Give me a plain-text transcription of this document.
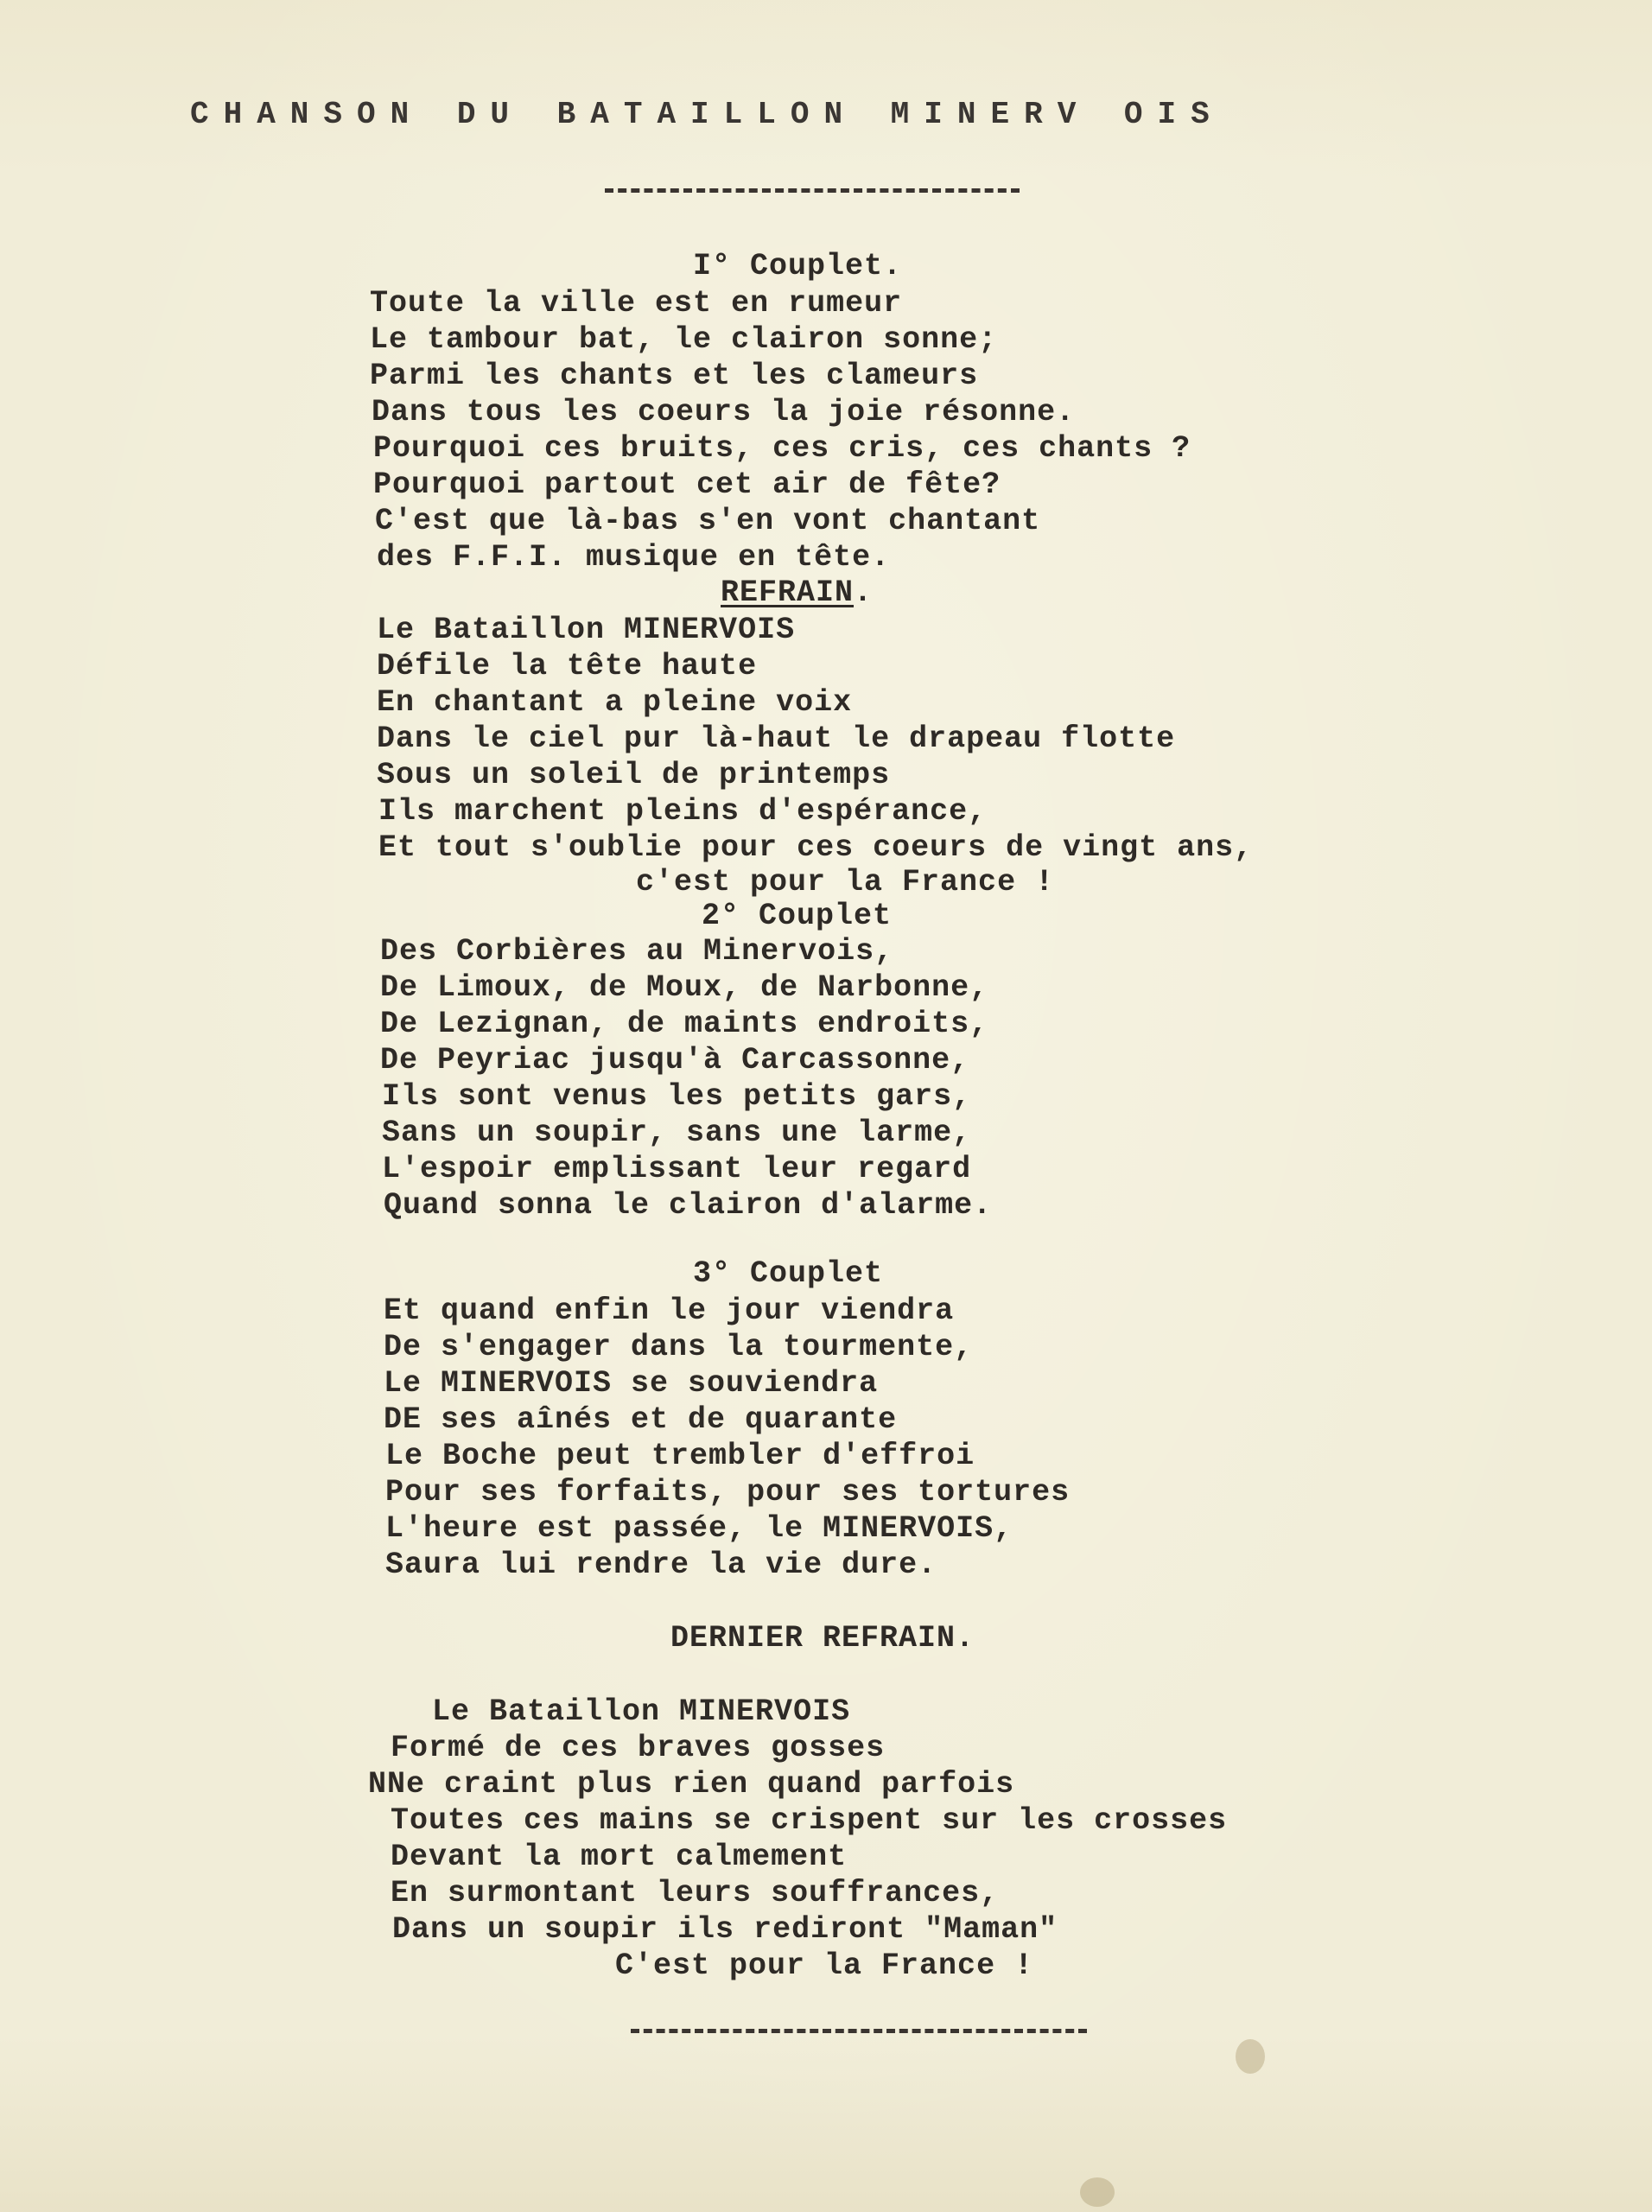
CHANSON DU BATAILLON MINERV OIS
I° Couplet.
Toute la ville est en rumeur
Le tambour bat, le clairon sonne;
Parmi les chants et les clameurs
Dans tous les coeurs la joie résonne.
Pourquoi ces bruits, ces cris, ces chants ?
Pourquoi partout cet air de fête?
C'est que là-bas s'en vont chantant
des F.F.I. musique en tête.
REFRAIN.
Le Bataillon MINERVOIS
Défile la tête haute
En chantant a pleine voix
Dans le ciel pur là-haut le drapeau flotte
Sous un soleil de printemps
Ils marchent pleins d'espérance,
Et tout s'oublie pour ces coeurs de vingt ans,
c'est pour la France !
2° Couplet
Des Corbières au Minervois,
De Limoux, de Moux, de Narbonne,
De Lezignan, de maints endroits,
De Peyriac jusqu'à Carcassonne,
Ils sont venus les petits gars,
Sans un soupir, sans une larme,
L'espoir emplissant leur regard
Quand sonna le clairon d'alarme.
3° Couplet
Et quand enfin le jour viendra
De s'engager dans la tourmente,
Le MINERVOIS se souviendra
DE ses aînés et de quarante
Le Boche peut trembler d'effroi
Pour ses forfaits, pour ses tortures
L'heure est passée, le MINERVOIS,
Saura lui rendre la vie dure.
DERNIER REFRAIN.
Le Bataillon MINERVOIS
Formé de ces braves gosses
NNe craint plus rien quand parfois
Toutes ces mains se crispent sur les crosses
Devant la mort calmement
En surmontant leurs souffrances,
Dans un soupir ils rediront "Maman"
C'est pour la France !
